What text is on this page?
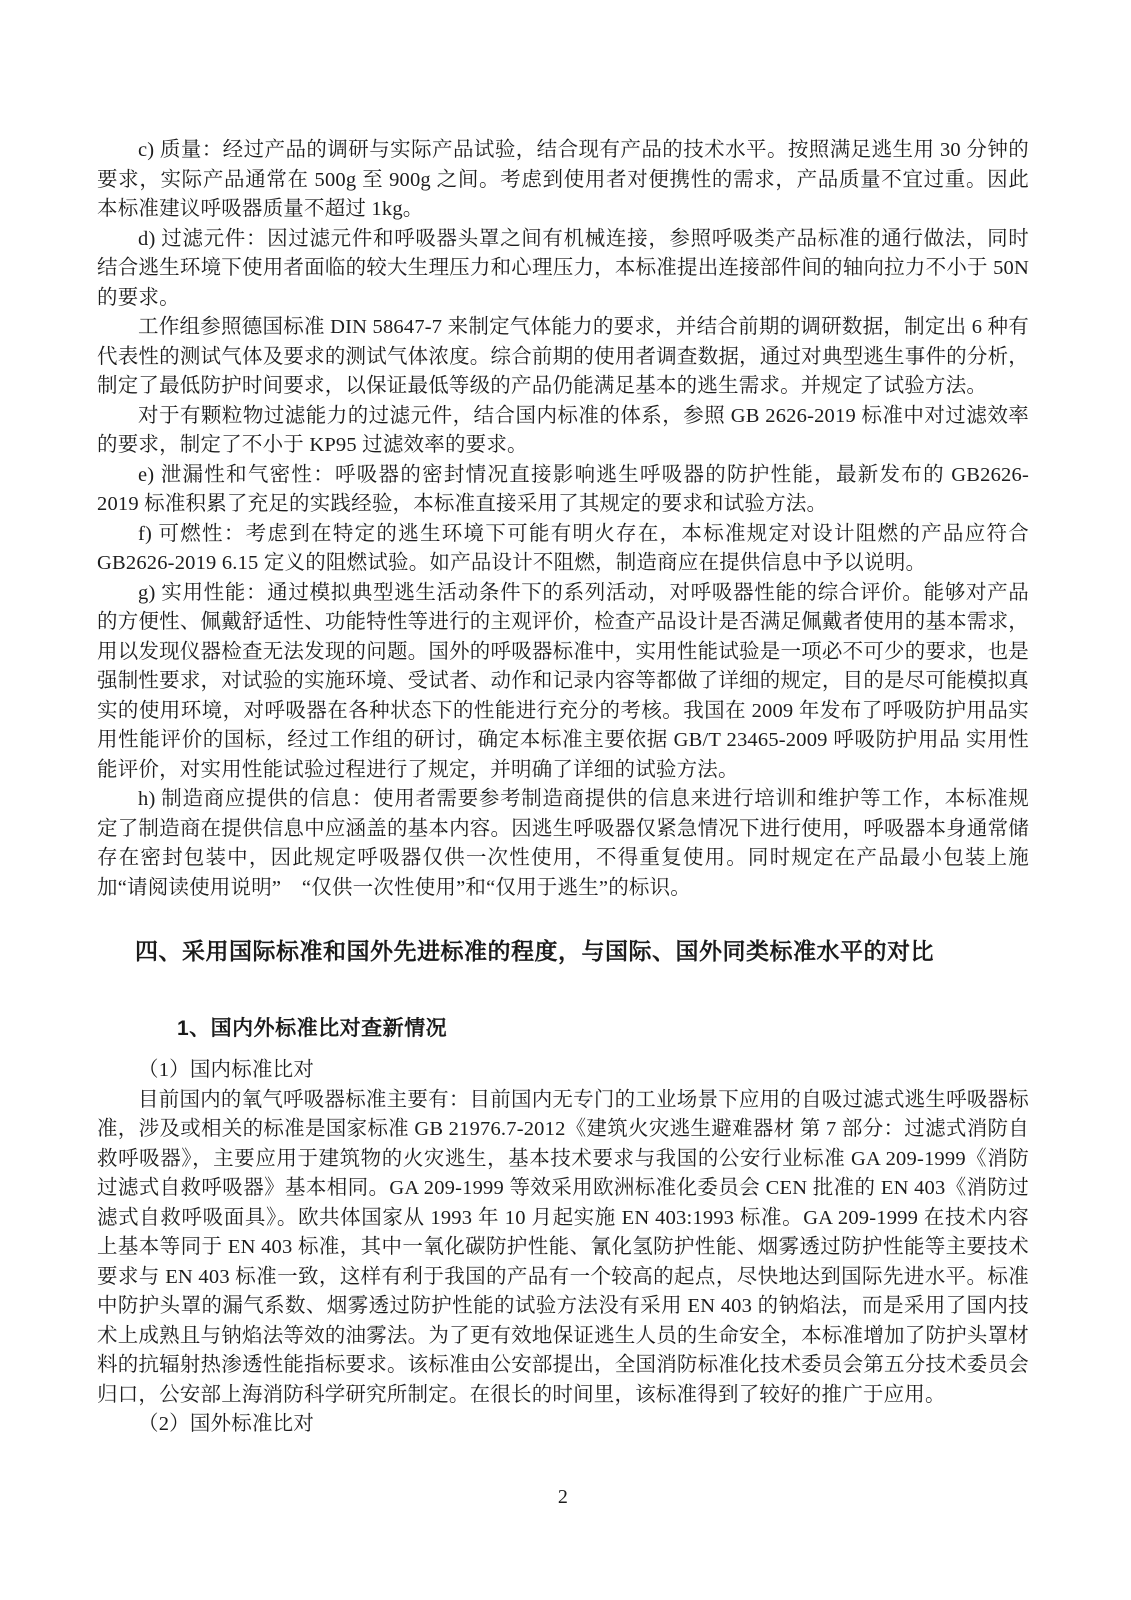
c) 质量：经过产品的调研与实际产品试验，结合现有产品的技术水平。按照满足逃生用 30 分钟的要求，实际产品通常在 500g 至 900g 之间。考虑到使用者对便携性的需求，产品质量不宜过重。因此本标准建议呼吸器质量不超过 1kg。

d) 过滤元件：因过滤元件和呼吸器头罩之间有机械连接，参照呼吸类产品标准的通行做法，同时结合逃生环境下使用者面临的较大生理压力和心理压力，本标准提出连接部件间的轴向拉力不小于 50N 的要求。

工作组参照德国标准 DIN 58647-7 来制定气体能力的要求，并结合前期的调研数据，制定出 6 种有代表性的测试气体及要求的测试气体浓度。综合前期的使用者调查数据，通过对典型逃生事件的分析，制定了最低防护时间要求，以保证最低等级的产品仍能满足基本的逃生需求。并规定了试验方法。

对于有颗粒物过滤能力的过滤元件，结合国内标准的体系，参照 GB 2626-2019 标准中对过滤效率的要求，制定了不小于 KP95 过滤效率的要求。

e) 泄漏性和气密性：呼吸器的密封情况直接影响逃生呼吸器的防护性能，最新发布的 GB2626-2019 标准积累了充足的实践经验，本标准直接采用了其规定的要求和试验方法。

f) 可燃性：考虑到在特定的逃生环境下可能有明火存在，本标准规定对设计阻燃的产品应符合 GB2626-2019 6.15 定义的阻燃试验。如产品设计不阻燃，制造商应在提供信息中予以说明。

g) 实用性能：通过模拟典型逃生活动条件下的系列活动，对呼吸器性能的综合评价。能够对产品的方便性、佩戴舒适性、功能特性等进行的主观评价，检查产品设计是否满足佩戴者使用的基本需求，用以发现仪器检查无法发现的问题。国外的呼吸器标准中，实用性能试验是一项必不可少的要求，也是强制性要求，对试验的实施环境、受试者、动作和记录内容等都做了详细的规定，目的是尽可能模拟真实的使用环境，对呼吸器在各种状态下的性能进行充分的考核。我国在 2009 年发布了呼吸防护用品实用性能评价的国标，经过工作组的研讨，确定本标准主要依据 GB/T 23465-2009 呼吸防护用品 实用性能评价，对实用性能试验过程进行了规定，并明确了详细的试验方法。

h) 制造商应提供的信息：使用者需要参考制造商提供的信息来进行培训和维护等工作，本标准规定了制造商在提供信息中应涵盖的基本内容。因逃生呼吸器仅紧急情况下进行使用，呼吸器本身通常储存在密封包装中，因此规定呼吸器仅供一次性使用，不得重复使用。同时规定在产品最小包装上施加“请阅读使用说明”　“仅供一次性使用”和“仅用于逃生”的标识。

四、采用国际标准和国外先进标准的程度，与国际、国外同类标准水平的对比
1、国内外标准比对查新情况

（1）国内标准比对

目前国内的氧气呼吸器标准主要有：目前国内无专门的工业场景下应用的自吸过滤式逃生呼吸器标准，涉及或相关的标准是国家标准 GB 21976.7-2012《建筑火灾逃生避难器材 第 7 部分：过滤式消防自救呼吸器》，主要应用于建筑物的火灾逃生，基本技术要求与我国的公安行业标准 GA 209-1999《消防过滤式自救呼吸器》基本相同。GA 209-1999 等效采用欧洲标准化委员会 CEN 批准的 EN 403《消防过滤式自救呼吸面具》。欧共体国家从 1993 年 10 月起实施 EN 403:1993 标准。GA 209-1999 在技术内容上基本等同于 EN 403 标准，其中一氧化碳防护性能、氰化氢防护性能、烟雾透过防护性能等主要技术要求与 EN 403 标准一致，这样有利于我国的产品有一个较高的起点，尽快地达到国际先进水平。标准中防护头罩的漏气系数、烟雾透过防护性能的试验方法没有采用 EN 403 的钠焰法，而是采用了国内技术上成熟且与钠焰法等效的油雾法。为了更有效地保证逃生人员的生命安全，本标准增加了防护头罩材料的抗辐射热渗透性能指标要求。该标准由公安部提出，全国消防标准化技术委员会第五分技术委员会归口，公安部上海消防科学研究所制定。在很长的时间里，该标准得到了较好的推广于应用。

（2）国外标准比对

2
